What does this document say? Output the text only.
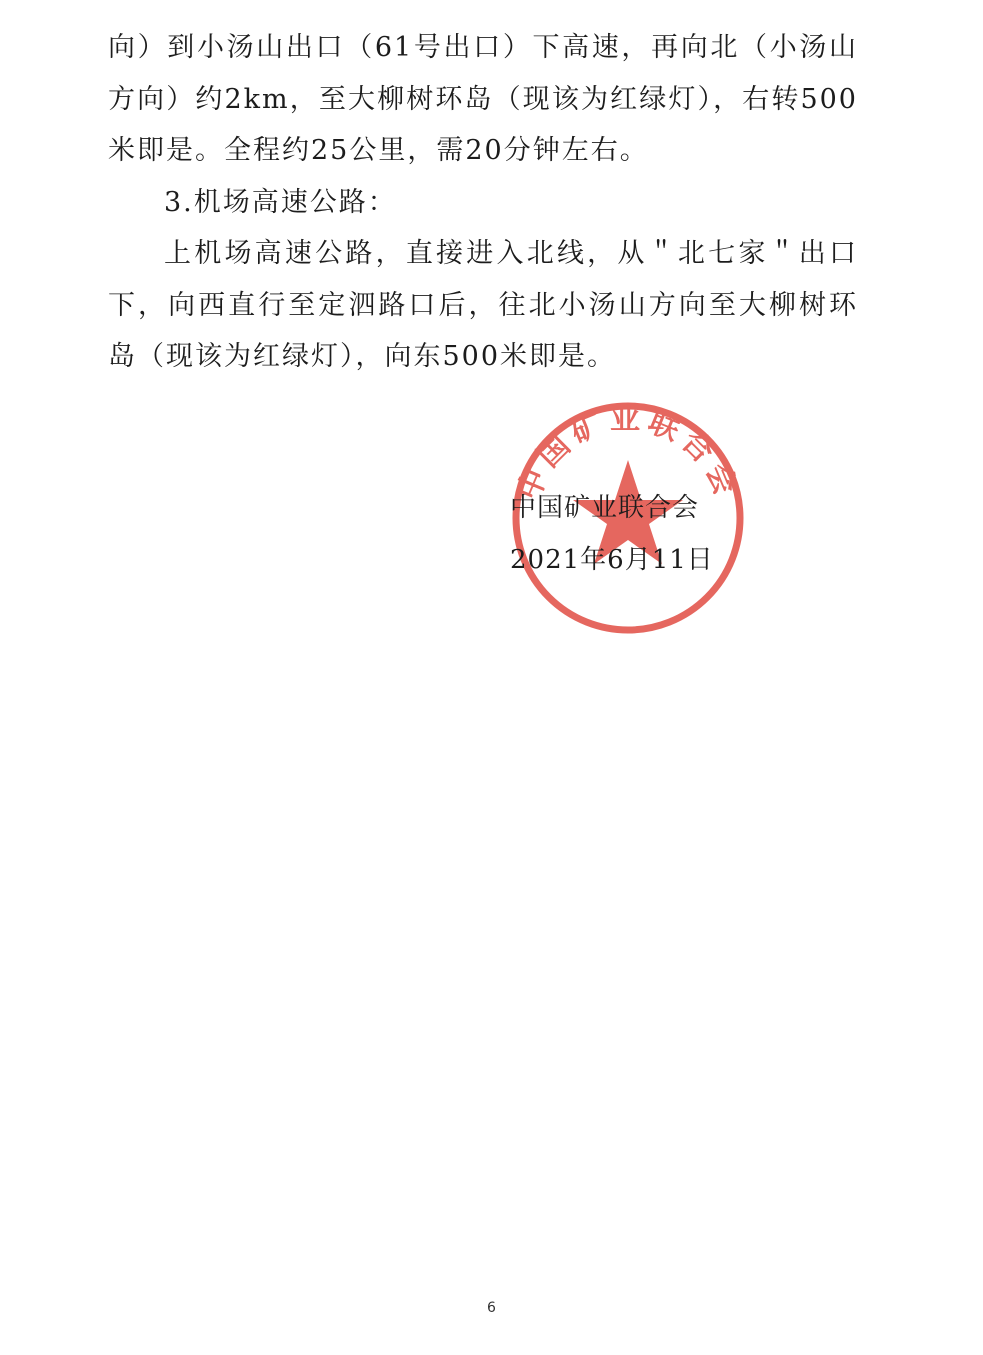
向）到小汤山出口（61号出口）下高速，再向北（小汤山
方向）约2km，至大柳树环岛（现该为红绿灯），右转500
米即是。全程约25公里，需20分钟左右。
3.机场高速公路：
上机场高速公路，直接进入北线，从＂北七家＂出口
下，向西直行至定泗路口后，往北小汤山方向至大柳树环
岛（现该为红绿灯），向东500米即是。
中国矿业联合会
中国矿业联合会
2021年6月11日
6
